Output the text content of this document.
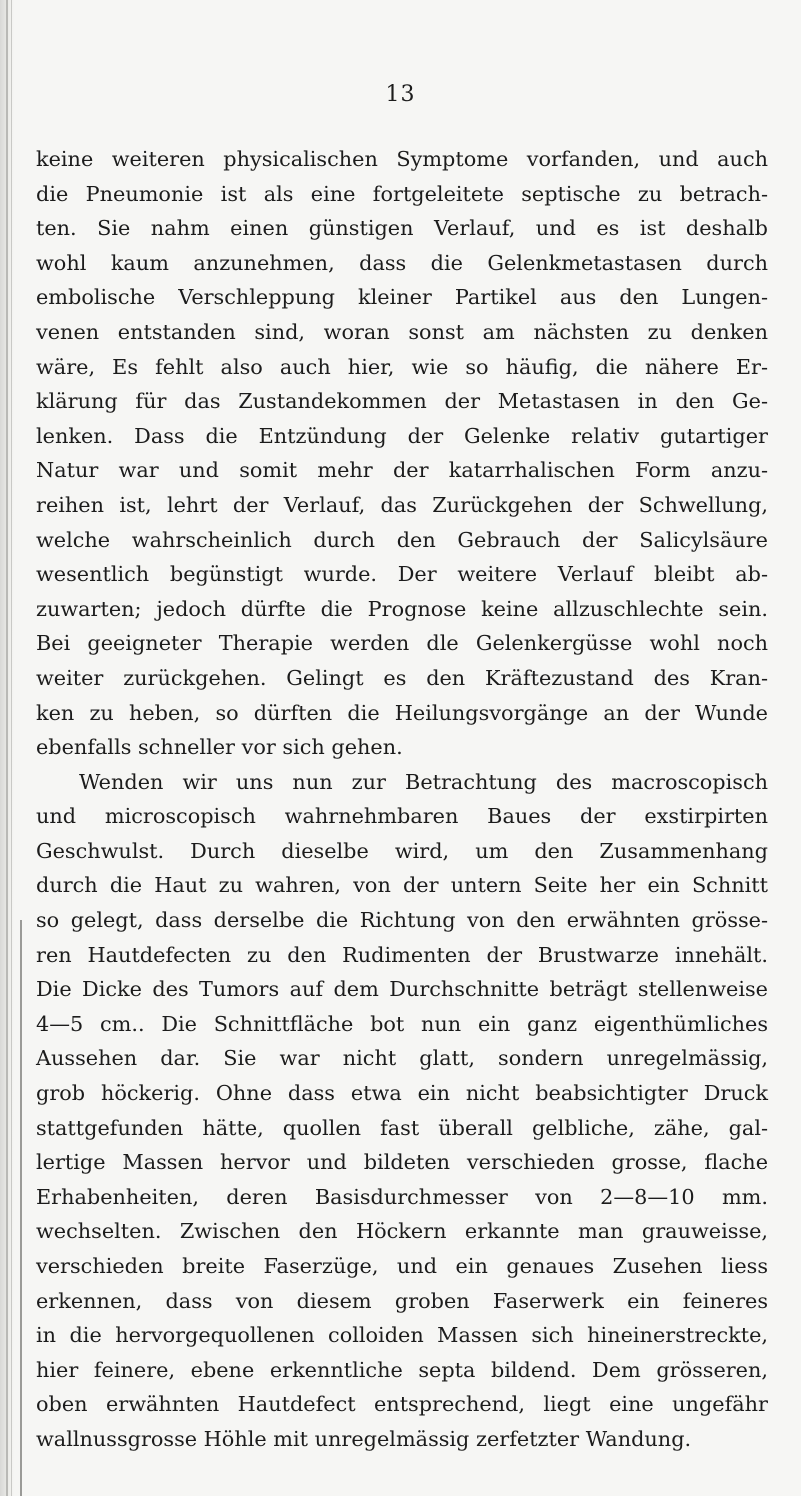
13
keine weiteren physicalischen Symptome vorfanden, und auch
die Pneumonie ist als eine fortgeleitete septische zu betrach-
ten. Sie nahm einen günstigen Verlauf, und es ist deshalb
wohl kaum anzunehmen, dass die Gelenkmetastasen durch
embolische Verschleppung kleiner Partikel aus den Lungen-
venen entstanden sind, woran sonst am nächsten zu denken
wäre, Es fehlt also auch hier, wie so häufig, die nähere Er-
klärung für das Zustandekommen der Metastasen in den Ge-
lenken. Dass die Entzündung der Gelenke relativ gutartiger
Natur war und somit mehr der katarrhalischen Form anzu-
reihen ist, lehrt der Verlauf, das Zurückgehen der Schwellung,
welche wahrscheinlich durch den Gebrauch der Salicylsäure
wesentlich begünstigt wurde. Der weitere Verlauf bleibt ab-
zuwarten; jedoch dürfte die Prognose keine allzuschlechte sein.
Bei geeigneter Therapie werden dle Gelenkergüsse wohl noch
weiter zurückgehen. Gelingt es den Kräftezustand des Kran-
ken zu heben, so dürften die Heilungsvorgänge an der Wunde
ebenfalls schneller vor sich gehen.
Wenden wir uns nun zur Betrachtung des macroscopisch
und microscopisch wahrnehmbaren Baues der exstirpirten
Geschwulst. Durch dieselbe wird, um den Zusammenhang
durch die Haut zu wahren, von der untern Seite her ein Schnitt
so gelegt, dass derselbe die Richtung von den erwähnten grösse-
ren Hautdefecten zu den Rudimenten der Brustwarze innehält.
Die Dicke des Tumors auf dem Durchschnitte beträgt stellenweise
4—5 cm.. Die Schnittfläche bot nun ein ganz eigenthümliches
Aussehen dar. Sie war nicht glatt, sondern unregelmässig,
grob höckerig. Ohne dass etwa ein nicht beabsichtigter Druck
stattgefunden hätte, quollen fast überall gelbliche, zähe, gal-
lertige Massen hervor und bildeten verschieden grosse, flache
Erhabenheiten, deren Basisdurchmesser von 2—8—10 mm.
wechselten. Zwischen den Höckern erkannte man grauweisse,
verschieden breite Faserzüge, und ein genaues Zusehen liess
erkennen, dass von diesem groben Faserwerk ein feineres
in die hervorgequollenen colloiden Massen sich hineinerstreckte,
hier feinere, ebene erkenntliche septa bildend. Dem grösseren,
oben erwähnten Hautdefect entsprechend, liegt eine ungefähr
wallnussgrosse Höhle mit unregelmässig zerfetzter Wandung.
